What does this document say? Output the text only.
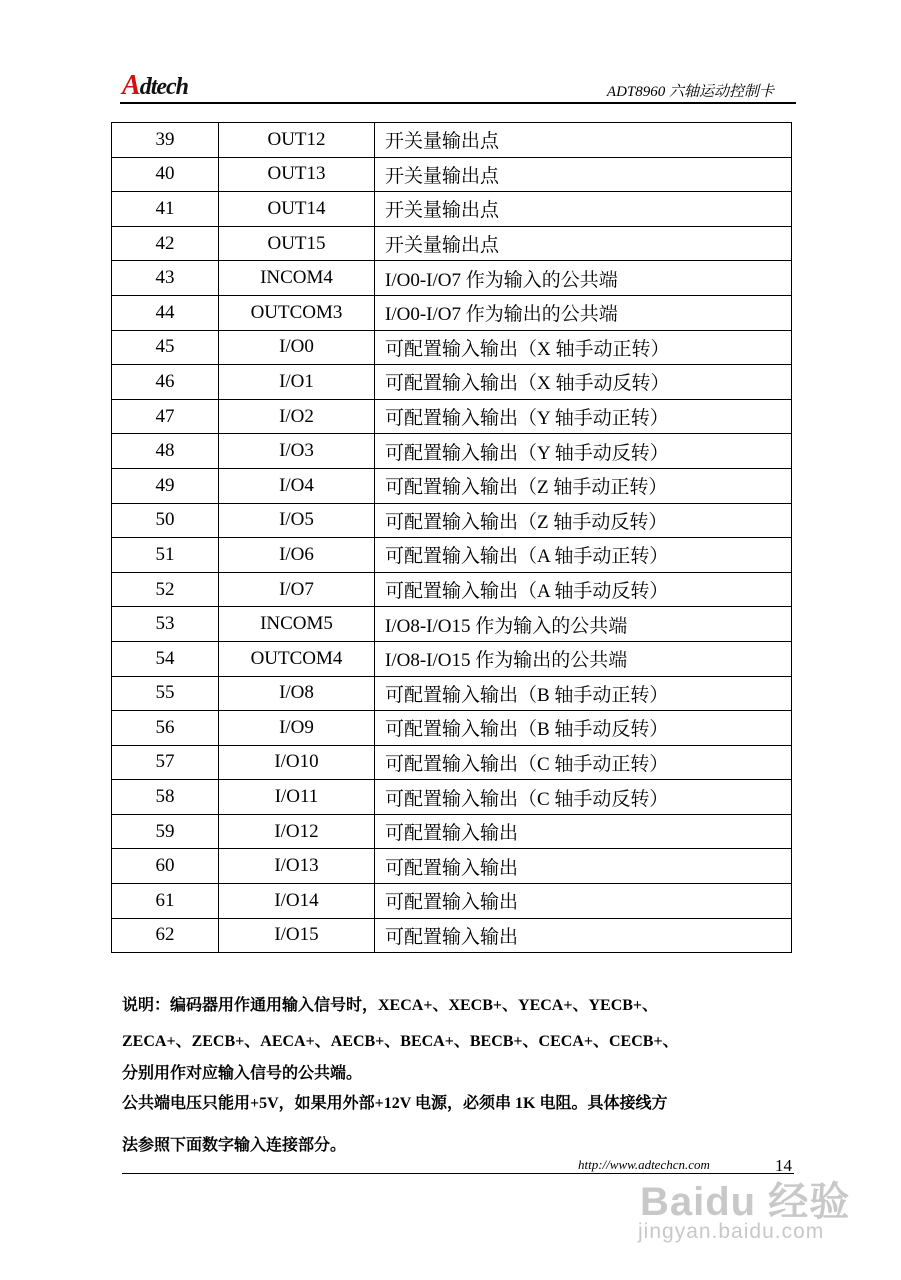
Adtech	ADT8960 六轴运动控制卡
39	OUT12	开关量输出点
40	OUT13	开关量输出点
41	OUT14	开关量输出点
42	OUT15	开关量输出点
43	INCOM4	I/O0-I/O7 作为输入的公共端
44	OUTCOM3	I/O0-I/O7 作为输出的公共端
45	I/O0	可配置输入输出（X 轴手动正转）
46	I/O1	可配置输入输出（X 轴手动反转）
47	I/O2	可配置输入输出（Y 轴手动正转）
48	I/O3	可配置输入输出（Y 轴手动反转）
49	I/O4	可配置输入输出（Z 轴手动正转）
50	I/O5	可配置输入输出（Z 轴手动反转）
51	I/O6	可配置输入输出（A 轴手动正转）
52	I/O7	可配置输入输出（A 轴手动反转）
53	INCOM5	I/O8-I/O15 作为输入的公共端
54	OUTCOM4	I/O8-I/O15 作为输出的公共端
55	I/O8	可配置输入输出（B 轴手动正转）
56	I/O9	可配置输入输出（B 轴手动反转）
57	I/O10	可配置输入输出（C 轴手动正转）
58	I/O11	可配置输入输出（C 轴手动反转）
59	I/O12	可配置输入输出
60	I/O13	可配置输入输出
61	I/O14	可配置输入输出
62	I/O15	可配置输入输出
说明：编码器用作通用输入信号时，XECA+、XECB+、YECA+、YECB+、
ZECA+、ZECB+、AECA+、AECB+、BECA+、BECB+、CECA+、CECB+、
分别用作对应输入信号的公共端。
公共端电压只能用+5V，如果用外部+12V 电源，必须串 1K 电阻。具体接线方
法参照下面数字输入连接部分。
http://www.adtechcn.com	14
Baidu 经验
jingyan.baidu.com
